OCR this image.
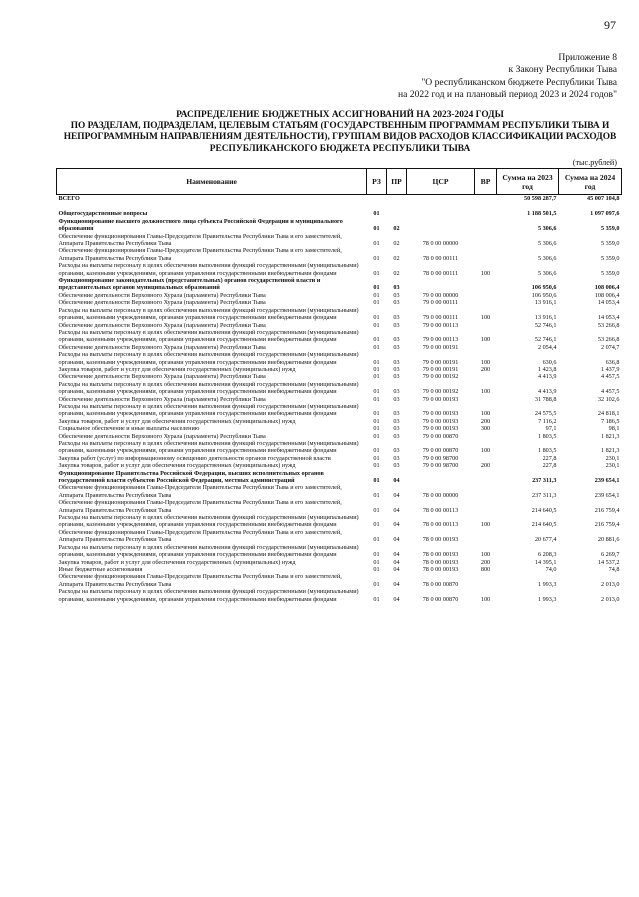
97
Приложение 8
к Закону Республики Тыва
"О республиканском бюджете Республики Тыва
на 2022 год и на плановый период 2023 и 2024 годов"
РАСПРЕДЕЛЕНИЕ БЮДЖЕТНЫХ АССИГНОВАНИЙ НА 2023-2024 ГОДЫ
ПО РАЗДЕЛАМ, ПОДРАЗДЕЛАМ, ЦЕЛЕВЫМ СТАТЬЯМ (ГОСУДАРСТВЕННЫМ ПРОГРАММАМ РЕСПУБЛИКИ ТЫВА И
НЕПРОГРАММНЫМ НАПРАВЛЕНИЯМ ДЕЯТЕЛЬНОСТИ), ГРУППАМ ВИДОВ РАСХОДОВ КЛАССИФИКАЦИИ РАСХОДОВ
РЕСПУБЛИКАНСКОГО БЮДЖЕТА РЕСПУБЛИКИ ТЫВА
(тыс.рублей)
Наименование	РЗ	ПР	ЦСР	ВР	Сумма на 2023 год	Сумма на 2024 год
ВСЕГО					50 598 287,7	45 007 104,8

Общегосударственные вопросы	01				1 188 501,5	1 097 097,6
Функционирование высшего должностного лица субъекта Российской Федерации и муниципального образования	01	02			5 306,6	5 359,0
Обеспечение функционирования Главы-Председателя Правительства Республики Тыва и его заместителей, Аппарата Правительства Республики Тыва	01	02	78 0 00 00000		5 306,6	5 359,0
Обеспечение функционирования Главы-Председателя Правительства Республики Тыва и его заместителей, Аппарата Правительства Республики Тыва	01	02	78 0 00 00111		5 306,6	5 359,0
Расходы на выплаты персоналу в целях обеспечения выполнения функций государственными (муниципальными) органами, казенными учреждениями, органами управления государственными внебюджетными фондами	01	02	78 0 00 00111	100	5 306,6	5 359,0
Функционирование законодательных (представительных) органов государственной власти и представительных органов муниципальных образований	01	03			106 950,6	108 006,4
Обеспечение деятельности Верховного Хурала (парламента) Республики Тыва	01	03	79 0 00 00000		106 950,6	108 006,4
Обеспечение деятельности Верховного Хурала (парламента) Республики Тыва	01	03	79 0 00 00111		13 916,1	14 053,4
Расходы на выплаты персоналу в целях обеспечения выполнения функций государственными (муниципальными) органами, казенными учреждениями, органами управления государственными внебюджетными фондами	01	03	79 0 00 00111	100	13 916,1	14 053,4
Обеспечение деятельности Верховного Хурала (парламента) Республики Тыва	01	03	79 0 00 00113		52 746,1	53 266,8
Расходы на выплаты персоналу в целях обеспечения выполнения функций государственными (муниципальными) органами, казенными учреждениями, органами управления государственными внебюджетными фондами	01	03	79 0 00 00113	100	52 746,1	53 266,8
Обеспечение деятельности Верховного Хурала (парламента) Республики Тыва	01	03	79 0 00 00191		2 054,4	2 074,7
Расходы на выплаты персоналу в целях обеспечения выполнения функций государственными (муниципальными) органами, казенными учреждениями, органами управления государственными внебюджетными фондами	01	03	79 0 00 00191	100	630,6	636,8
Закупка товаров, работ и услуг для обеспечения государственных (муниципальных) нужд	01	03	79 0 00 00191	200	1 423,8	1 437,9
Обеспечение деятельности Верховного Хурала (парламента) Республики Тыва	01	03	79 0 00 00192		4 413,9	4 457,5
Расходы на выплаты персоналу в целях обеспечения выполнения функций государственными (муниципальными) органами, казенными учреждениями, органами управления государственными внебюджетными фондами	01	03	79 0 00 00192	100	4 413,9	4 457,5
Обеспечение деятельности Верховного Хурала (парламента) Республики Тыва	01	03	79 0 00 00193		31 788,8	32 102,6
Расходы на выплаты персоналу в целях обеспечения выполнения функций государственными (муниципальными) органами, казенными учреждениями, органами управления государственными внебюджетными фондами	01	03	79 0 00 00193	100	24 575,5	24 818,1
Закупка товаров, работ и услуг для обеспечения государственных (муниципальных) нужд	01	03	79 0 00 00193	200	7 116,2	7 186,5
Социальное обеспечение и иные выплаты населению	01	03	79 0 00 00193	300	97,1	98,1
Обеспечение деятельности Верховного Хурала (парламента) Республики Тыва	01	03	79 0 00 00870		1 803,5	1 821,3
Расходы на выплаты персоналу в целях обеспечения выполнения функций государственными (муниципальными) органами, казенными учреждениями, органами управления государственными внебюджетными фондами	01	03	79 0 00 00870	100	1 803,5	1 821,3
Закупка работ (услуг) по информационному освещению деятельности органов государственной власти	01	03	79 0 00 98700		227,8	230,1
Закупка товаров, работ и услуг для обеспечения государственных (муниципальных) нужд	01	03	79 0 00 98700	200	227,8	230,1
Функционирование Правительства Российской Федерации, высших исполнительных органов государственной власти субъектов Российской Федерации, местных администраций	01	04			237 311,3	239 654,1
Обеспечение функционирования Главы-Председателя Правительства Республики Тыва и его заместителей, Аппарата Правительства Республики Тыва	01	04	78 0 00 00000		237 311,3	239 654,1
Обеспечение функционирования Главы-Председателя Правительства Республики Тыва и его заместителей, Аппарата Правительства Республики Тыва	01	04	78 0 00 00113		214 640,5	216 759,4
Расходы на выплаты персоналу в целях обеспечения выполнения функций государственными (муниципальными) органами, казенными учреждениями, органами управления государственными внебюджетными фондами	01	04	78 0 00 00113	100	214 640,5	216 759,4
Обеспечение функционирования Главы-Председателя Правительства Республики Тыва и его заместителей, Аппарата Правительства Республики Тыва	01	04	78 0 00 00193		20 677,4	20 881,6
Расходы на выплаты персоналу в целях обеспечения выполнения функций государственными (муниципальными) органами, казенными учреждениями, органами управления государственными внебюджетными фондами	01	04	78 0 00 00193	100	6 208,3	6 269,7
Закупка товаров, работ и услуг для обеспечения государственных (муниципальных) нужд	01	04	78 0 00 00193	200	14 395,1	14 537,2
Иные бюджетные ассигнования	01	04	78 0 00 00193	800	74,0	74,8
Обеспечение функционирования Главы-Председателя Правительства Республики Тыва и его заместителей, Аппарата Правительства Республики Тыва	01	04	78 0 00 00870		1 993,3	2 013,0
Расходы на выплаты персоналу в целях обеспечения выполнения функций государственными (муниципальными) органами, казенными учреждениями, органами управления государственными внебюджетными фондами	01	04	78 0 00 00870	100	1 993,3	2 013,0
